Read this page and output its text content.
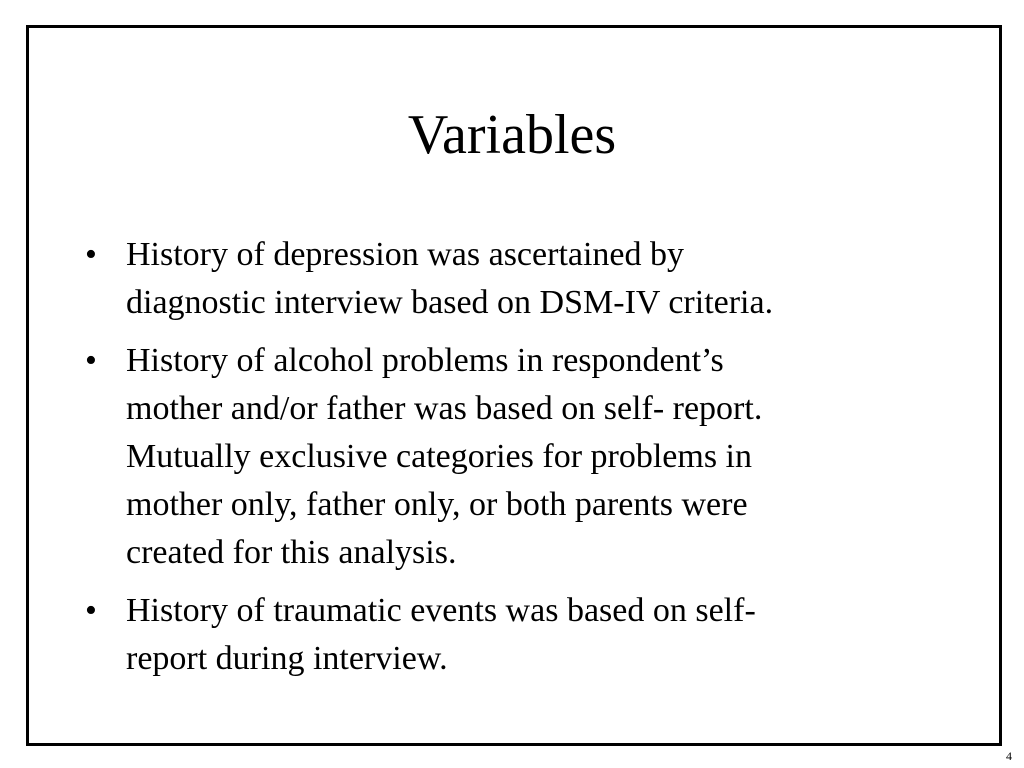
Variables
• History of depression was ascertained by
diagnostic interview based on DSM-IV criteria.
• History of alcohol problems in respondent’s
mother and/or father was based on self- report.
Mutually exclusive categories for problems in
mother only, father only, or both parents were
created for this analysis.
• History of traumatic events was based on self-
report during interview.
4
